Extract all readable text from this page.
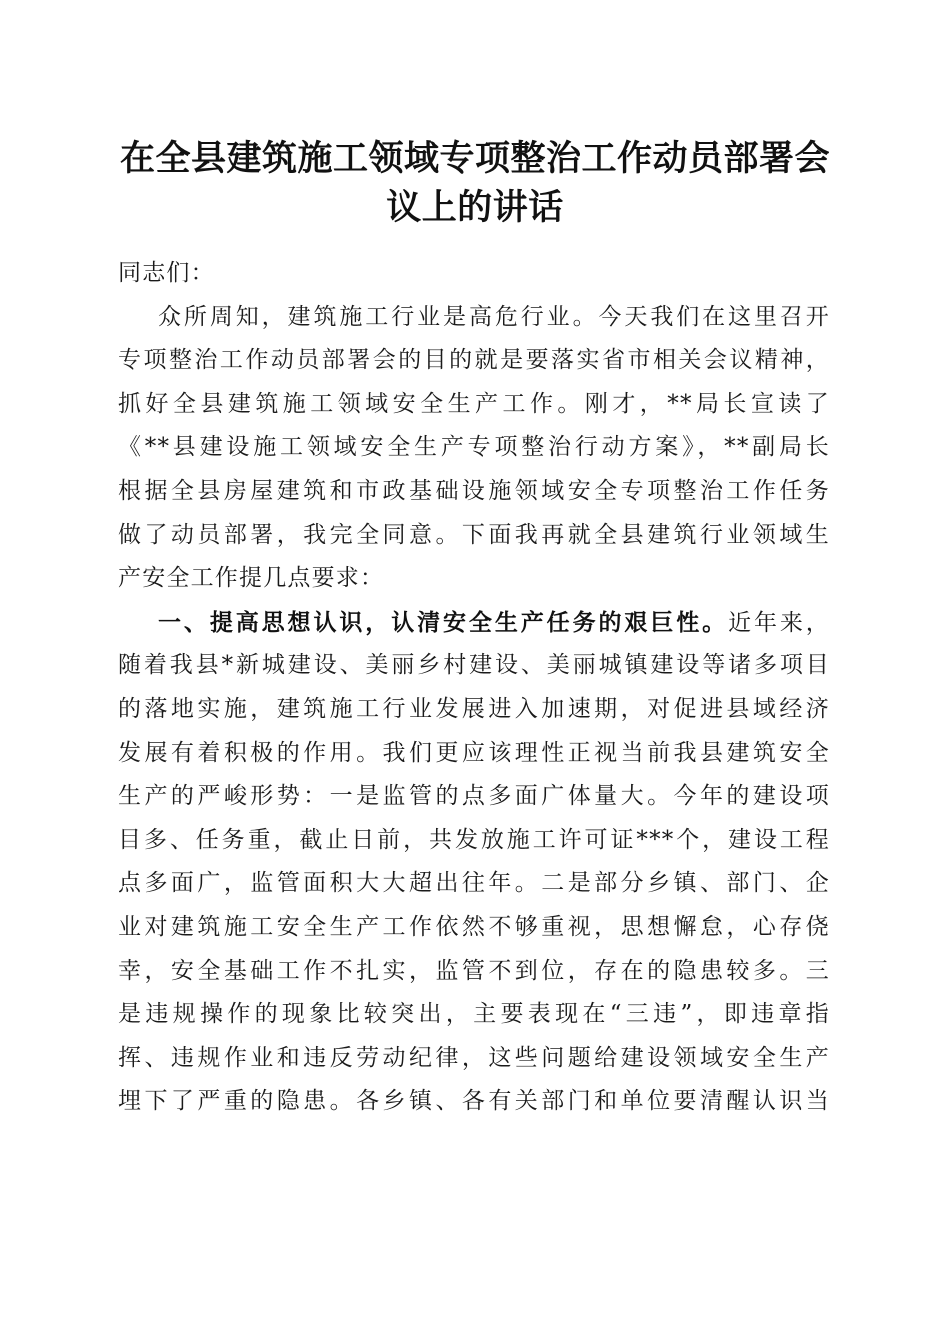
在全县建筑施工领域专项整治工作动员部署会
议上的讲话
同志们：
众所周知，建筑施工行业是高危行业。今天我们在这里召开
专项整治工作动员部署会的目的就是要落实省市相关会议精神，
抓好全县建筑施工领域安全生产工作。刚才，**局长宣读了
《**县建设施工领域安全生产专项整治行动方案》，**副局长
根据全县房屋建筑和市政基础设施领域安全专项整治工作任务
做了动员部署，我完全同意。下面我再就全县建筑行业领域生
产安全工作提几点要求：
一、提高思想认识，认清安全生产任务的艰巨性。近年来，
随着我县*新城建设、美丽乡村建设、美丽城镇建设等诸多项目
的落地实施，建筑施工行业发展进入加速期，对促进县域经济
发展有着积极的作用。我们更应该理性正视当前我县建筑安全
生产的严峻形势：一是监管的点多面广体量大。今年的建设项
目多、任务重，截止日前，共发放施工许可证***个，建设工程
点多面广，监管面积大大超出往年。二是部分乡镇、部门、企
业对建筑施工安全生产工作依然不够重视，思想懈怠，心存侥
幸，安全基础工作不扎实，监管不到位，存在的隐患较多。三
是违规操作的现象比较突出，主要表现在“三违”，即违章指
挥、违规作业和违反劳动纪律，这些问题给建设领域安全生产
埋下了严重的隐患。各乡镇、各有关部门和单位要清醒认识当
